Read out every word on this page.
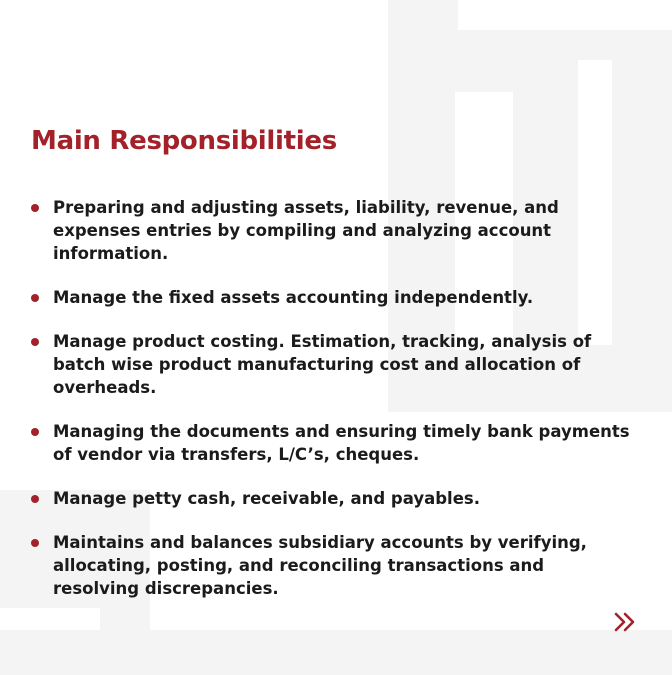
Main Responsibilities
Preparing and adjusting assets, liability, revenue, and expenses entries by compiling and analyzing account information.
Manage the fixed assets accounting independently.
Manage product costing. Estimation, tracking, analysis of batch wise product manufacturing cost and allocation of overheads.
Managing the documents and ensuring timely bank payments of vendor via transfers, L/C’s, cheques.
Manage petty cash, receivable, and payables.
Maintains and balances subsidiary accounts by verifying, allocating, posting, and reconciling transactions and resolving discrepancies.
